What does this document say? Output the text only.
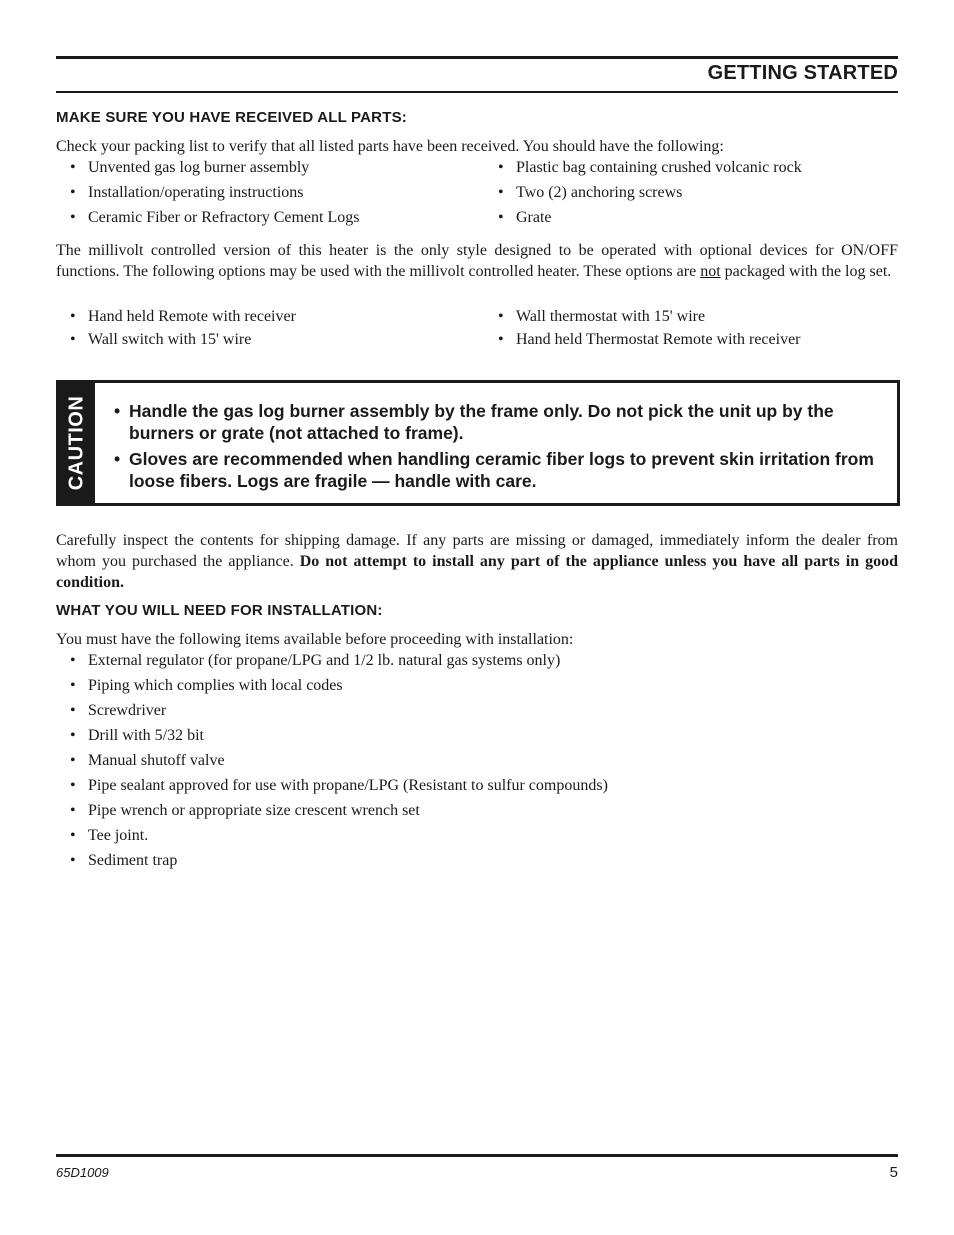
GETTING STARTED
MAKE SURE YOU HAVE RECEIVED ALL PARTS:
Check your packing list to verify that all listed parts have been received. You should have the following:
• Unvented gas log burner assembly
• Installation/operating instructions
• Ceramic Fiber or Refractory Cement Logs
• Plastic bag containing crushed volcanic rock
• Two (2) anchoring screws
• Grate
The millivolt controlled version of this heater is the only style designed to be operated with optional devices for ON/OFF functions. The following options may be used with the millivolt controlled heater. These options are not packaged with the log set.
• Hand held Remote with receiver
• Wall switch with 15' wire
• Wall thermostat with 15' wire
• Hand held Thermostat Remote with receiver
CAUTION • Handle the gas log burner assembly by the frame only. Do not pick the unit up by the burners or grate (not attached to frame).
• Gloves are recommended when handling ceramic fiber logs to prevent skin irritation from loose fibers. Logs are fragile — handle with care.
Carefully inspect the contents for shipping damage. If any parts are missing or damaged, immediately inform the dealer from whom you purchased the appliance. Do not attempt to install any part of the appliance unless you have all parts in good condition.
WHAT YOU WILL NEED FOR INSTALLATION:
You must have the following items available before proceeding with installation:
• External regulator (for propane/LPG and 1/2 lb. natural gas systems only)
• Piping which complies with local codes
• Screwdriver
• Drill with 5/32 bit
• Manual shutoff valve
• Pipe sealant approved for use with propane/LPG (Resistant to sulfur compounds)
• Pipe wrench or appropriate size crescent wrench set
• Tee joint.
• Sediment trap
65D1009	5
